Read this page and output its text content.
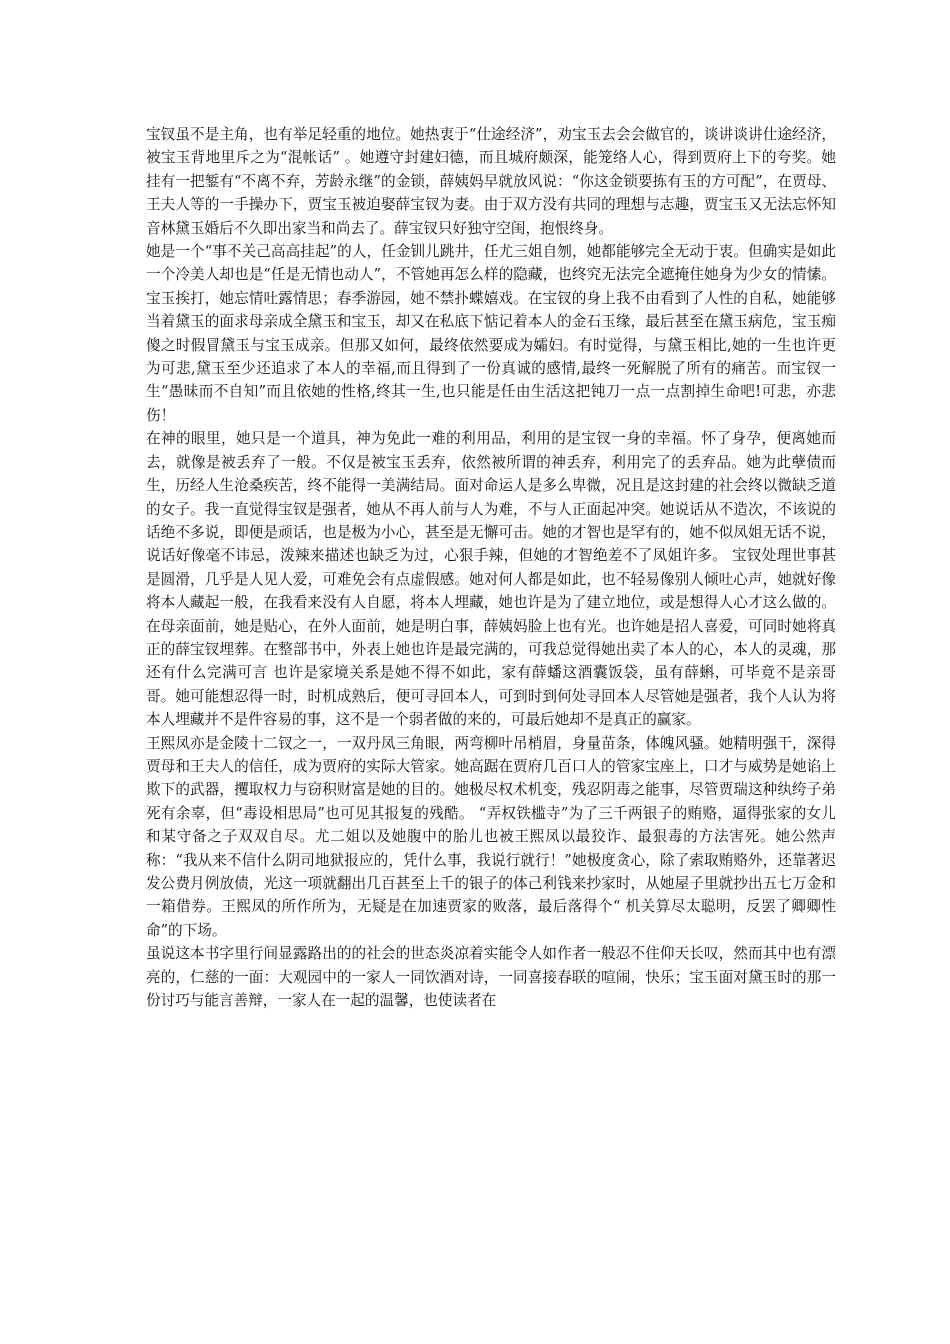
宝钗虽不是主角，也有举足轻重的地位。她热衷于“仕途经济”，劝宝玉去会会做官的，谈讲谈讲仕途经济，被宝玉背地里斥之为“混帐话” 。她遵守封建妇德，而且城府颇深，能笼络人心，得到贾府上下的夸奖。她挂有一把錾有“不离不弃，芳龄永继”的金锁，薛姨妈早就放风说：“你这金锁要拣有玉的方可配”，在贾母、王夫人等的一手操办下，贾宝玉被迫娶薛宝钗为妻。由于双方没有共同的理想与志趣，贾宝玉又无法忘怀知音林黛玉婚后不久即出家当和尚去了。薛宝钗只好独守空闺，抱恨终身。

她是一个“事不关己高高挂起”的人，任金钏儿跳井，任尤三姐自刎，她都能够完全无动于衷。但确实是如此一个冷美人却也是“任是无情也动人”，不管她再怎么样的隐藏，也终究无法完全遮掩住她身为少女的情愫。宝玉挨打，她忘情吐露情思；春季游园，她不禁扑蝶嬉戏。在宝钗的身上我不由看到了人性的自私，她能够当着黛玉的面求母亲成全黛玉和宝玉，却又在私底下惦记着本人的金石玉缘，最后甚至在黛玉病危，宝玉痴傻之时假冒黛玉与宝玉成亲。但那又如何，最终依然要成为孀妇。有时觉得，与黛玉相比,她的一生也许更为可悲,黛玉至少还追求了本人的幸福,而且得到了一份真诚的感情,最终一死解脱了所有的痛苦。而宝钗一生“愚昧而不自知”而且依她的性格,终其一生,也只能是任由生活这把钝刀一点一点割掉生命吧!可悲，亦悲伤！

在神的眼里，她只是一个道具，神为免此一难的利用品，利用的是宝钗一身的幸福。怀了身孕，便离她而去，就像是被丢弃了一般。不仅是被宝玉丢弃，依然被所谓的神丢弃，利用完了的丢弃品。她为此孽债而生，历经人生沧桑疾苦，终不能得一美满结局。面对命运人是多么卑微，况且是这封建的社会终以微缺乏道的女子。我一直觉得宝钗是强者，她从不再人前与人为难，不与人正面起冲突。她说话从不造次，不该说的话绝不多说，即便是顽话，也是极为小心，甚至是无懈可击。她的才智也是罕有的，她不似凤姐无话不说，说话好像毫不讳忌，泼辣来描述也缺乏为过，心狠手辣，但她的才智绝差不了凤姐许多。 宝钗处理世事甚是圆滑，几乎是人见人爱，可难免会有点虚假感。她对何人都是如此，也不轻易像别人倾吐心声，她就好像将本人藏起一般，在我看来没有人自愿，将本人埋藏，她也许是为了建立地位，或是想得人心才这么做的。在母亲面前，她是贴心，在外人面前，她是明白事，薛姨妈脸上也有光。也许她是招人喜爱，可同时她将真正的薛宝钗埋葬。在整部书中，外表上她也许是最完满的，可我总觉得她出卖了本人的心，本人的灵魂，那还有什么完满可言 也许是家境关系是她不得不如此，家有薛蟠这酒囊饭袋，虽有薛蝌，可毕竟不是亲哥哥。她可能想忍得一时，时机成熟后，便可寻回本人，可到时到何处寻回本人尽管她是强者，我个人认为将本人埋藏并不是件容易的事，这不是一个弱者做的来的，可最后她却不是真正的赢家。

王熙凤亦是金陵十二钗之一，一双丹凤三角眼，两弯柳叶吊梢眉，身量苗条，体魄风骚。她精明强干，深得贾母和王夫人的信任，成为贾府的实际大管家。她高踞在贾府几百口人的管家宝座上，口才与威势是她谄上欺下的武器，攫取权力与窃积财富是她的目的。她极尽权术机变，残忍阴毒之能事，尽管贾瑞这种纨绔子弟死有余辜，但“毒设相思局”也可见其报复的残酷。 “弄权铁槛寺”为了三千两银子的贿赂，逼得张家的女儿和某守备之子双双自尽。尤二姐以及她腹中的胎儿也被王熙凤以最狡诈、最狠毒的方法害死。她公然声称：“我从来不信什么阴司地狱报应的，凭什么事，我说行就行！”她极度贪心，除了索取贿赂外，还靠著迟发公费月例放债，光这一项就翻出几百甚至上千的银子的体己利钱来抄家时，从她屋子里就抄出五七万金和一箱借券。王熙凤的所作所为，无疑是在加速贾家的败落，最后落得个“ 机关算尽太聪明，反罢了卿卿性命”的下场。

虽说这本书字里行间显露路出的的社会的世态炎凉着实能令人如作者一般忍不住仰天长叹，然而其中也有漂亮的，仁慈的一面：大观园中的一家人一同饮酒对诗，一同喜接春联的喧闹，快乐；宝玉面对黛玉时的那一份讨巧与能言善辩，一家人在一起的温馨，也使读者在
